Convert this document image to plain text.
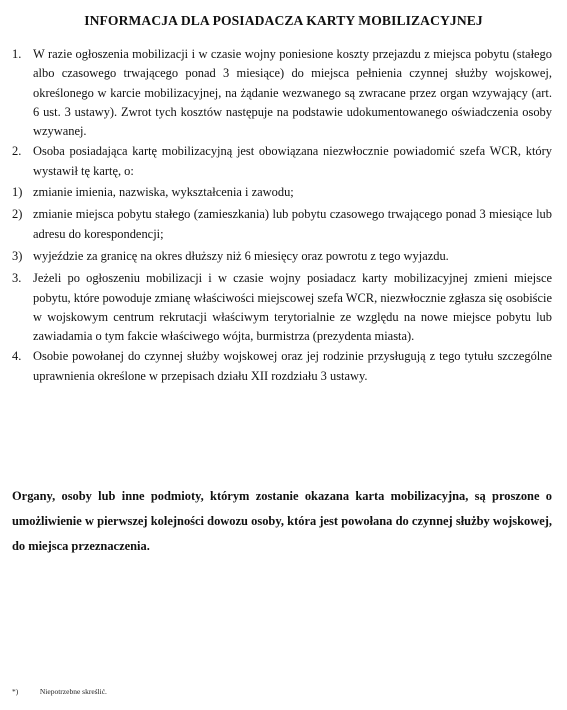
INFORMACJA DLA POSIADACZA KARTY MOBILIZACYJNEJ
1. W razie ogłoszenia mobilizacji i w czasie wojny poniesione koszty przejazdu z miejsca pobytu (stałego albo czasowego trwającego ponad 3 miesiące) do miejsca pełnienia czynnej służby wojskowej, określonego w karcie mobilizacyjnej, na żądanie wezwanego są zwracane przez organ wzywający (art. 6 ust. 3 ustawy). Zwrot tych kosztów następuje na podstawie udokumentowanego oświadczenia osoby wzywanej.
2. Osoba posiadająca kartę mobilizacyjną jest obowiązana niezwłocznie powiadomić szefa WCR, który wystawił tę kartę, o:
1) zmianie imienia, nazwiska, wykształcenia i zawodu;
2) zmianie miejsca pobytu stałego (zamieszkania) lub pobytu czasowego trwającego ponad 3 miesiące lub adresu do korespondencji;
3) wyjeździe za granicę na okres dłuższy niż 6 miesięcy oraz powrotu z tego wyjazdu.
3. Jeżeli po ogłoszeniu mobilizacji i w czasie wojny posiadacz karty mobilizacyjnej zmieni miejsce pobytu, które powoduje zmianę właściwości miejscowej szefa WCR, niezwłocznie zgłasza się osobiście w wojskowym centrum rekrutacji właściwym terytorialnie ze względu na nowe miejsce pobytu lub zawiadamia o tym fakcie właściwego wójta, burmistrza (prezydenta miasta).
4. Osobie powołanej do czynnej służby wojskowej oraz jej rodzinie przysługują z tego tytułu szczególne uprawnienia określone w przepisach działu XII rozdziału 3 ustawy.
Organy, osoby lub inne podmioty, którym zostanie okazana karta mobilizacyjna, są proszone o umożliwienie w pierwszej kolejności dowozu osoby, która jest powołana do czynnej służby wojskowej, do miejsca przeznaczenia.
*)	Niepotrzebne skreślić.
